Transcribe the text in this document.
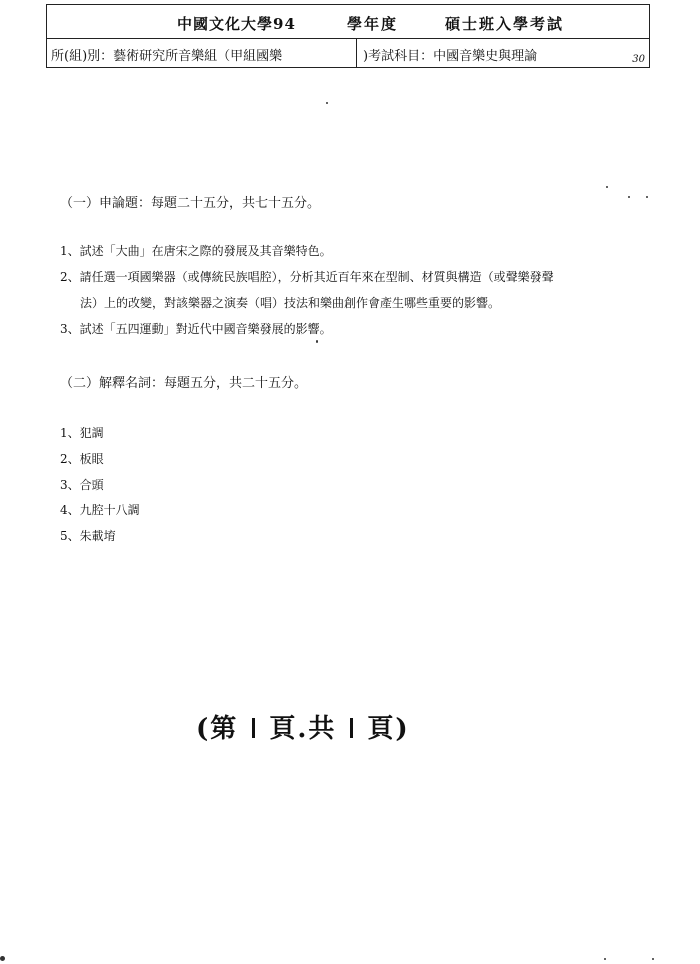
中國文化大學94	學年度	碩士班入學考試
所(組)別：藝術研究所音樂組（甲組國樂	)考試科目：中國音樂史與理論	30
（一）申論題：每題二十五分，共七十五分。
1、試述「大曲」在唐宋之際的發展及其音樂特色。
2、請任選一項國樂器（或傳統民族唱腔），分析其近百年來在型制、材質與構造（或聲樂發聲
法）上的改變，對該樂器之演奏（唱）技法和樂曲創作會產生哪些重要的影響。
3、試述「五四運動」對近代中國音樂發展的影響。
（二）解釋名詞：每題五分，共二十五分。
1、犯調
2、板眼
3、合頭
4、九腔十八調
5、朱載堉
(第 頁.共 頁)
